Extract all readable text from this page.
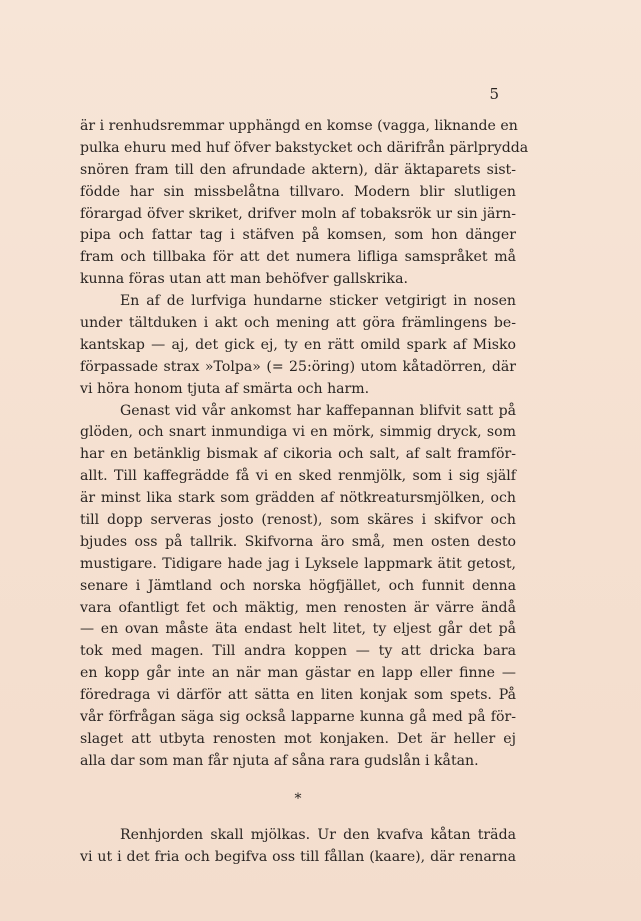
5
är i renhudsremmar upphängd en komse (vagga, liknande en
pulka ehuru med huf öfver bakstycket och därifrån pärlprydda
snören fram till den afrundade aktern), där äktaparets sist-
födde har sin missbelåtna tillvaro. Modern blir slutligen
förargad öfver skriket, drifver moln af tobaksrök ur sin järn-
pipa och fattar tag i stäfven på komsen, som hon dänger
fram och tillbaka för att det numera lifliga samspråket må
kunna föras utan att man behöfver gallskrika.
En af de lurfviga hundarne sticker vetgirigt in nosen
under tältduken i akt och mening att göra främlingens be-
kantskap — aj, det gick ej, ty en rätt omild spark af Misko
förpassade strax »Tolpa» (= 25:öring) utom kåtadörren, där
vi höra honom tjuta af smärta och harm.
Genast vid vår ankomst har kaffepannan blifvit satt på
glöden, och snart inmundiga vi en mörk, simmig dryck, som
har en betänklig bismak af cikoria och salt, af salt framför-
allt. Till kaffegrädde få vi en sked renmjölk, som i sig själf
är minst lika stark som grädden af nötkreatursmjölken, och
till dopp serveras josto (renost), som skäres i skifvor och
bjudes oss på tallrik. Skifvorna äro små, men osten desto
mustigare. Tidigare hade jag i Lyksele lappmark ätit getost,
senare i Jämtland och norska högfjället, och funnit denna
vara ofantligt fet och mäktig, men renosten är värre ändå
— en ovan måste äta endast helt litet, ty eljest går det på
tok med magen. Till andra koppen — ty att dricka bara
en kopp går inte an när man gästar en lapp eller finne —
föredraga vi därför att sätta en liten konjak som spets. På
vår förfrågan säga sig också lapparne kunna gå med på för-
slaget att utbyta renosten mot konjaken. Det är heller ej
alla dar som man får njuta af såna rara gudslån i kåtan.
*
Renhjorden skall mjölkas. Ur den kvafva kåtan träda
vi ut i det fria och begifva oss till fållan (kaare), där renarna
